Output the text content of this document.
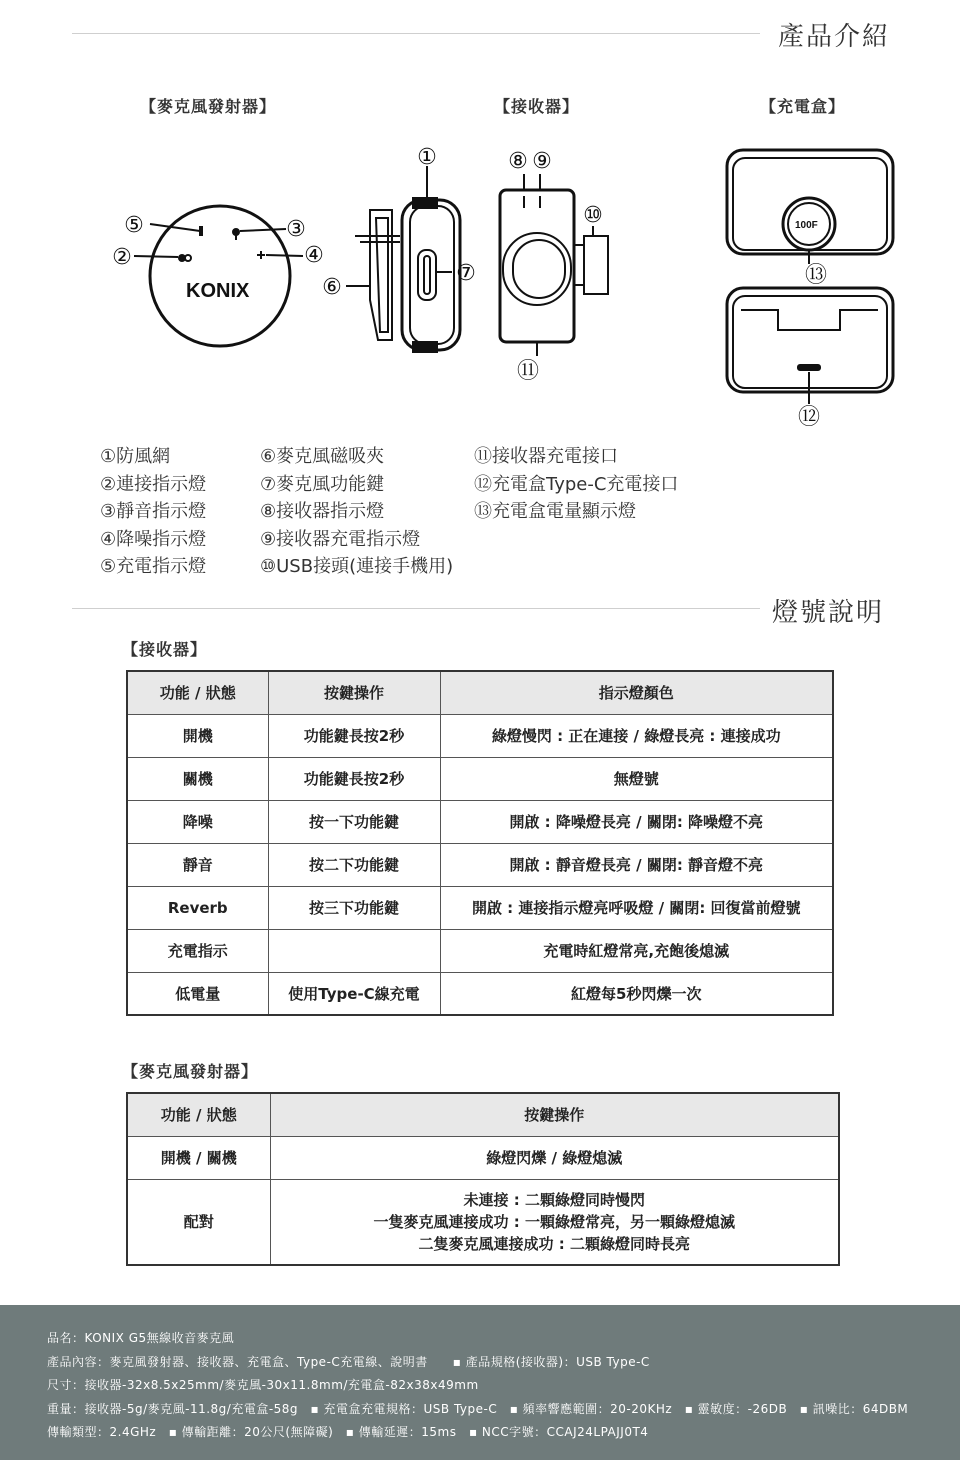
產品介紹
【麥克風發射器】	【接收器】	【充電盒】
KONIX
100F
①
②
③
④
⑤
⑥
⑦
⑧ ⑨
⑩
⑪
⑫
⑬
①防風網
②連接指示燈
③靜音指示燈
④降噪指示燈
⑤充電指示燈
⑥麥克風磁吸夾
⑦麥克風功能鍵
⑧接收器指示燈
⑨接收器充電指示燈
⑩USB接頭(連接手機用)
⑪接收器充電接口
⑫充電盒Type-C充電接口
⑬充電盒電量顯示燈
燈號說明
【接收器】
功能 / 狀態	按鍵操作	指示燈顏色
開機	功能鍵長按2秒	綠燈慢閃 : 正在連接 / 綠燈長亮 : 連接成功
關機	功能鍵長按2秒	無燈號
降噪	按一下功能鍵	開啟 : 降噪燈長亮 / 關閉: 降噪燈不亮
靜音	按二下功能鍵	開啟 : 靜音燈長亮 / 關閉: 靜音燈不亮
Reverb	按三下功能鍵	開啟 : 連接指示燈亮呼吸燈 / 關閉: 回復當前燈號
充電指示		充電時紅燈常亮,充飽後熄滅
低電量	使用Type-C線充電	紅燈每5秒閃爍一次
【麥克風發射器】
功能 / 狀態	按鍵操作
開機 / 關機	綠燈閃爍 / 綠燈熄滅
配對	未連接 : 二顆綠燈同時慢閃
一隻麥克風連接成功 : 一顆綠燈常亮，另一顆綠燈熄滅
二隻麥克風連接成功 : 二顆綠燈同時長亮
品名：KONIX G5無線收音麥克風
產品內容：麥克風發射器、接收器、充電盒、Type-C充電線、說明書　　▪ 產品規格(接收器)：USB Type-C
尺寸：接收器-32x8.5x25mm/麥克風-30x11.8mm/充電盒-82x38x49mm
重量：接收器-5g/麥克風-11.8g/充電盒-58g　▪ 充電盒充電規格：USB Type-C　▪ 頻率響應範圍：20-20KHz　▪ 靈敏度：-26DB　▪ 訊噪比：64DBM
傳輸類型：2.4GHz　▪ 傳輸距離：20公尺(無障礙)　▪ 傳輸延遲：15ms　▪ NCC字號：CCAJ24LPAJJ0T4
